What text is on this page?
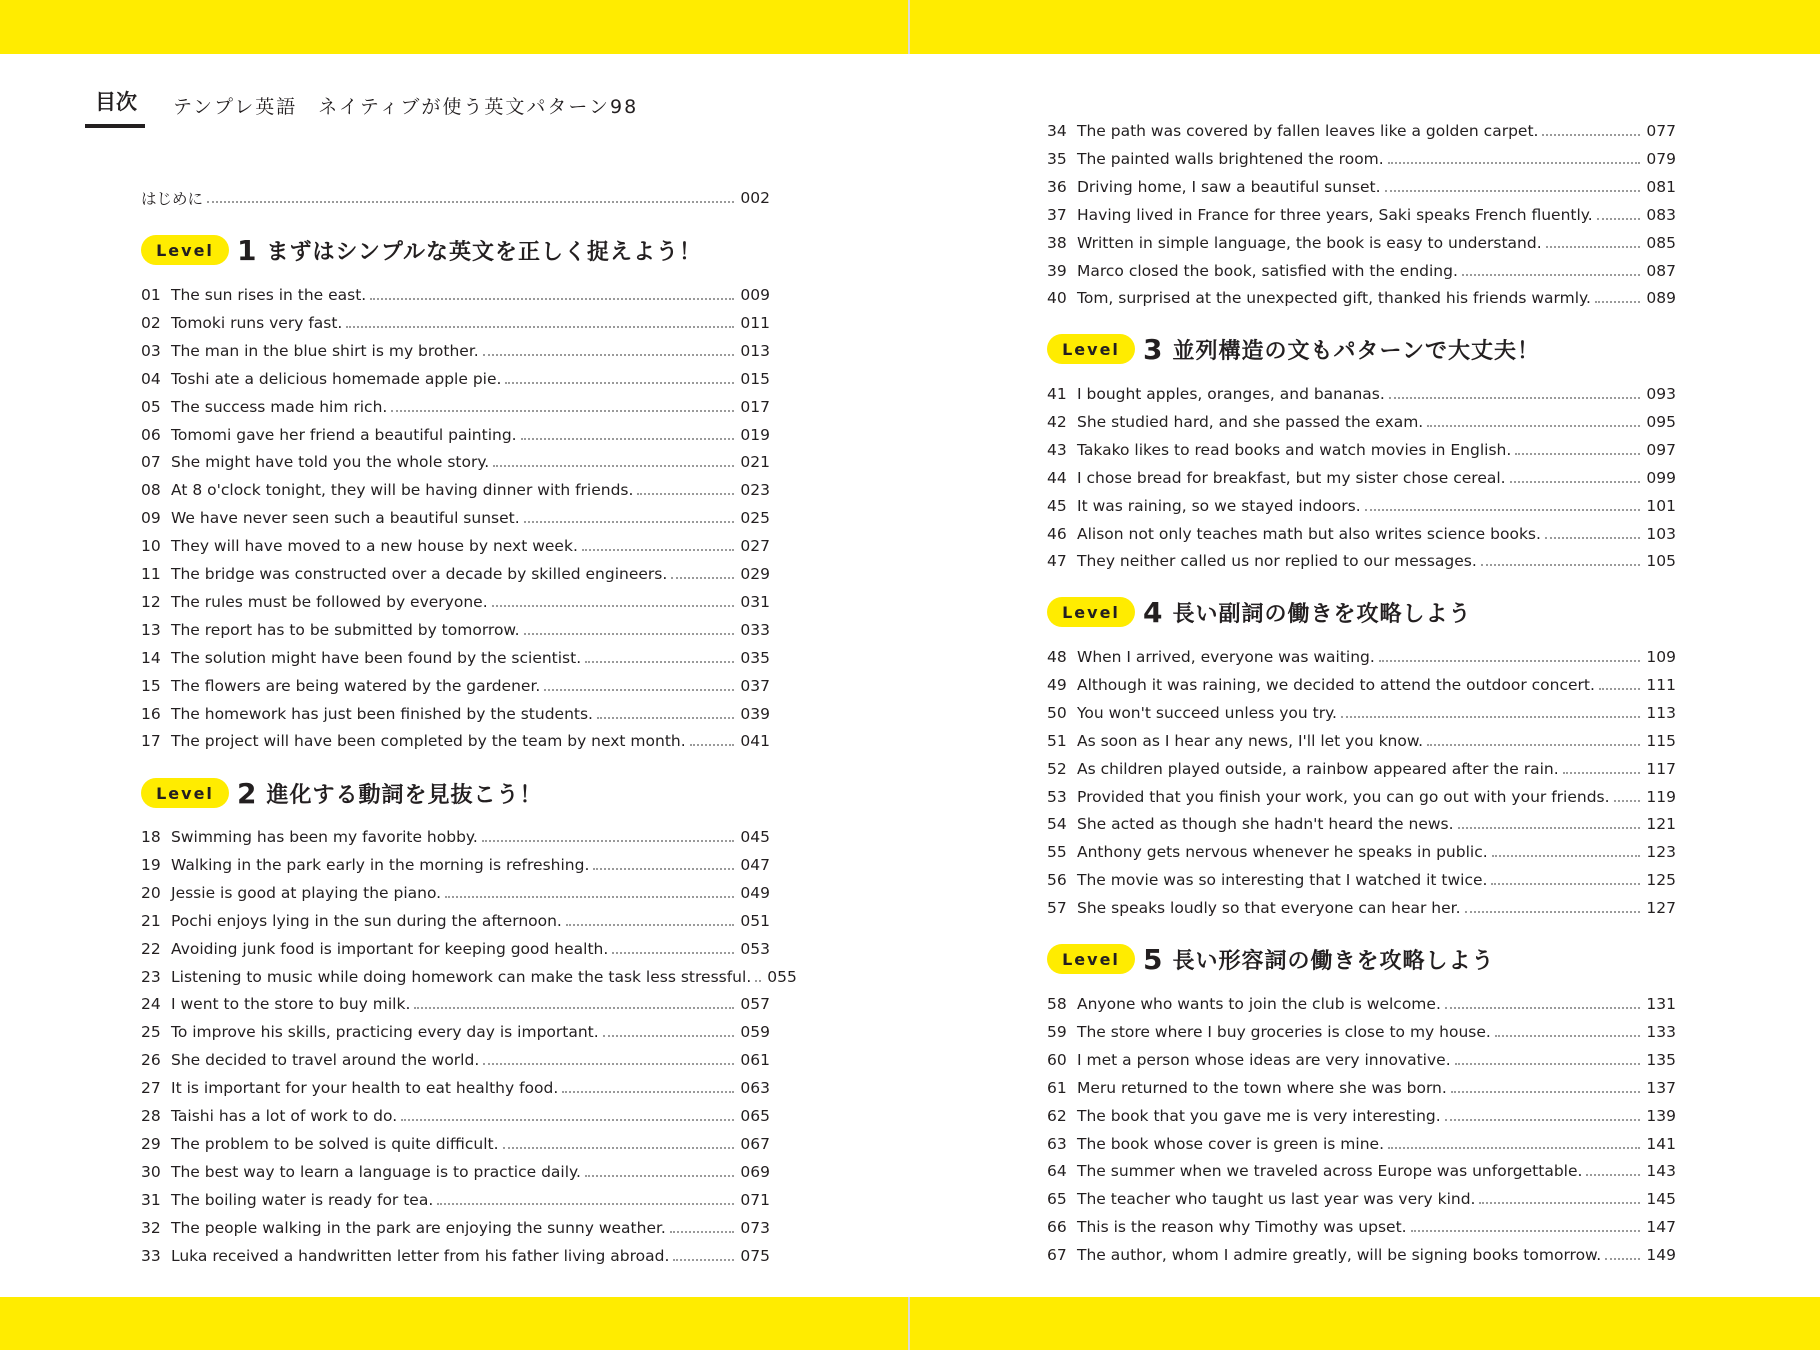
目次 テンプレ英語　ネイティブが使う英文パターン98
はじめに	002
Level 1 まずはシンプルな英文を正しく捉えよう！
Level 2 進化する動詞を見抜こう！
01 The sun rises in the east.	009
02 Tomoki runs very fast.	011
03 The man in the blue shirt is my brother.	013
04 Toshi ate a delicious homemade apple pie.	015
05 The success made him rich.	017
06 Tomomi gave her friend a beautiful painting.	019
07 She might have told you the whole story.	021
08 At 8 o'clock tonight, they will be having dinner with friends.	023
09 We have never seen such a beautiful sunset.	025
10 They will have moved to a new house by next week.	027
11 The bridge was constructed over a decade by skilled engineers.	029
12 The rules must be followed by everyone.	031
13 The report has to be submitted by tomorrow.	033
14 The solution might have been found by the scientist.	035
15 The flowers are being watered by the gardener.	037
16 The homework has just been finished by the students.	039
17 The project will have been completed by the team by next month.	041
18 Swimming has been my favorite hobby.	045
19 Walking in the park early in the morning is refreshing.	047
20 Jessie is good at playing the piano.	049
21 Pochi enjoys lying in the sun during the afternoon.	051
22 Avoiding junk food is important for keeping good health.	053
23 Listening to music while doing homework can make the task less stressful. 055
24 I went to the store to buy milk.	057
25 To improve his skills, practicing every day is important.	059
26 She decided to travel around the world.	061
27 It is important for your health to eat healthy food.	063
28 Taishi has a lot of work to do.	065
29 The problem to be solved is quite difficult.	067
30 The best way to learn a language is to practice daily.	069
31 The boiling water is ready for tea.	071
32 The people walking in the park are enjoying the sunny weather.	073
33 Luka received a handwritten letter from his father living abroad.	075
Level 3 並列構造の文もパターンで大丈夫！
Level 4 長い副詞の働きを攻略しよう
Level 5 長い形容詞の働きを攻略しよう
34 The path was covered by fallen leaves like a golden carpet.	077
35 The painted walls brightened the room.	079
36 Driving home, I saw a beautiful sunset.	081
37 Having lived in France for three years, Saki speaks French fluently.	083
38 Written in simple language, the book is easy to understand.	085
39 Marco closed the book, satisfied with the ending.	087
40 Tom, surprised at the unexpected gift, thanked his friends warmly.	089
41 I bought apples, oranges, and bananas.	093
42 She studied hard, and she passed the exam.	095
43 Takako likes to read books and watch movies in English.	097
44 I chose bread for breakfast, but my sister chose cereal.	099
45 It was raining, so we stayed indoors.	101
46 Alison not only teaches math but also writes science books.	103
47 They neither called us nor replied to our messages.	105
48 When I arrived, everyone was waiting.	109
49 Although it was raining, we decided to attend the outdoor concert.	111
50 You won't succeed unless you try.	113
51 As soon as I hear any news, I'll let you know.	115
52 As children played outside, a rainbow appeared after the rain.	117
53 Provided that you finish your work, you can go out with your friends. 119
54 She acted as though she hadn't heard the news.	121
55 Anthony gets nervous whenever he speaks in public.	123
56 The movie was so interesting that I watched it twice.	125
57 She speaks loudly so that everyone can hear her.	127
58 Anyone who wants to join the club is welcome.	131
59 The store where I buy groceries is close to my house.	133
60 I met a person whose ideas are very innovative.	135
61 Meru returned to the town where she was born.	137
62 The book that you gave me is very interesting.	139
63 The book whose cover is green is mine.	141
64 The summer when we traveled across Europe was unforgettable.	143
65 The teacher who taught us last year was very kind.	145
66 This is the reason why Timothy was upset.	147
67 The author, whom I admire greatly, will be signing books tomorrow.	149
